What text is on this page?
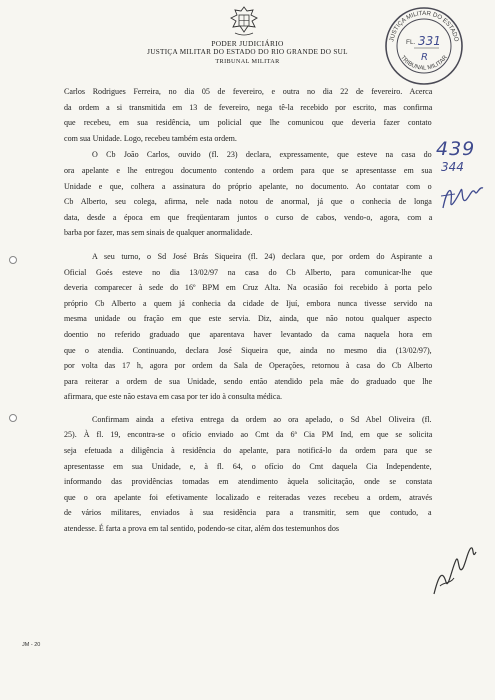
PODER JUDICIÁRIO
JUSTIÇA MILITAR DO ESTADO DO RIO GRANDE DO SUL
TRIBUNAL MILITAR
JUSTIÇA MILITAR DO ESTADO
TRIBUNAL MILITAR
FL. 331
R
439
344
Carlos Rodrigues Ferreira, no dia 05 de fevereiro, e outra no dia 22 de fevereiro. Acerca
da ordem a si transmitida em 13 de fevereiro, nega tê-la recebido por escrito, mas confirma
que recebeu, em sua residência, um policial que lhe comunicou que deveria fazer contato
com sua Unidade. Logo, recebeu também esta ordem.
O Cb João Carlos, ouvido (fl. 23) declara, expressamente, que esteve na casa do
ora apelante e lhe entregou documento contendo a ordem para que se apresentasse em sua
Unidade e que, colhera a assinatura do próprio apelante, no documento. Ao contatar com o
Cb Alberto, seu colega, afirma, nele nada notou de anormal, já que o conhecia de longa
data, desde a época em que freqüentaram juntos o curso de cabos, vendo-o, agora, com a
barba por fazer, mas sem sinais de qualquer anormalidade.
A seu turno, o Sd José Brás Siqueira (fl. 24) declara que, por ordem do Aspirante a
Oficial Goés esteve no dia 13/02/97 na casa do Cb Alberto, para comunicar-lhe que
deveria comparecer à sede do 16º BPM em Cruz Alta. Na ocasião foi recebido à porta pelo
próprio Cb Alberto a quem já conhecia da cidade de Ijuí, embora nunca tivesse servido na
mesma unidade ou fração em que este servia. Diz, ainda, que não notou qualquer aspecto
doentio no referido graduado que aparentava haver levantado da cama naquela hora em
que o atendia. Continuando, declara José Siqueira que, ainda no mesmo dia (13/02/97),
por volta das 17 h, agora por ordem da Sala de Operações, retornou à casa do Cb Alberto
para reiterar a ordem de sua Unidade, sendo então atendido pela mãe do graduado que lhe
afirmara, que este não estava em casa por ter ido à consulta médica.
Confirmam ainda a efetiva entrega da ordem ao ora apelado, o Sd Abel Oliveira (fl.
25). À fl. 19, encontra-se o ofício enviado ao Cmt da 6ª Cia PM Ind, em que se solicita
seja efetuada a diligência à residência do apelante, para notificá-lo da ordem para que se
apresentasse em sua Unidade, e, à fl. 64, o ofício do Cmt daquela Cia Independente,
informando das providências tomadas em atendimento àquela solicitação, onde se constata
que o ora apelante foi efetivamente localizado e reiteradas vezes recebeu a ordem, através
de vários militares, enviados à sua residência para a transmitir, sem que contudo, a
atendesse. É farta a prova em tal sentido, podendo-se citar, além dos testemunhos dos
JM - 20
